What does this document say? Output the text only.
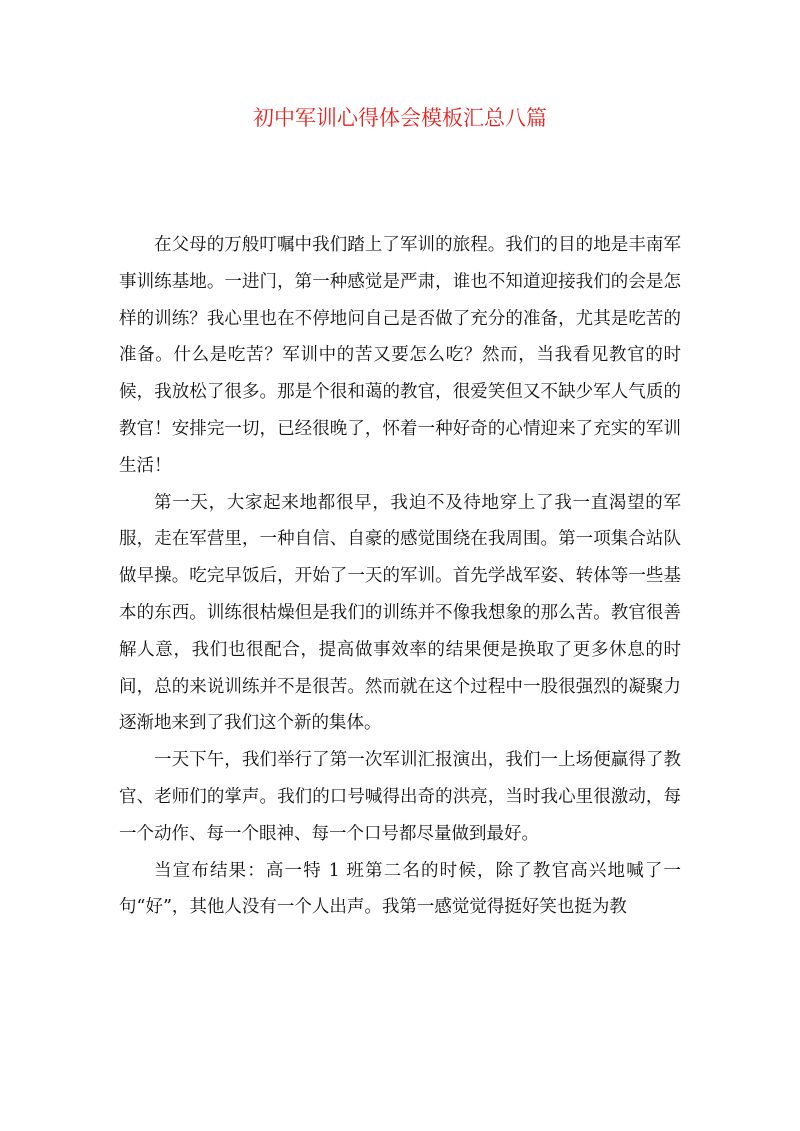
初中军训心得体会模板汇总八篇

在父母的万般叮嘱中我们踏上了军训的旅程。我们的目的地是丰南军事训练基地。一进门，第一种感觉是严肃，谁也不知道迎接我们的会是怎样的训练？我心里也在不停地问自己是否做了充分的准备，尤其是吃苦的准备。什么是吃苦？军训中的苦又要怎么吃？然而，当我看见教官的时候，我放松了很多。那是个很和蔼的教官，很爱笑但又不缺少军人气质的教官！安排完一切，已经很晚了，怀着一种好奇的心情迎来了充实的军训生活！

第一天，大家起来地都很早，我迫不及待地穿上了我一直渴望的军服，走在军营里，一种自信、自豪的感觉围绕在我周围。第一项集合站队做早操。吃完早饭后，开始了一天的军训。首先学战军姿、转体等一些基本的东西。训练很枯燥但是我们的训练并不像我想象的那么苦。教官很善解人意，我们也很配合，提高做事效率的结果便是换取了更多休息的时间，总的来说训练并不是很苦。然而就在这个过程中一股很强烈的凝聚力逐渐地来到了我们这个新的集体。

一天下午，我们举行了第一次军训汇报演出，我们一上场便赢得了教官、老师们的掌声。我们的口号喊得出奇的洪亮，当时我心里很激动，每一个动作、每一个眼神、每一个口号都尽量做到最好。

当宣布结果：高一特 1 班第二名的时候，除了教官高兴地喊了一句“好”，其他人没有一个人出声。我第一感觉觉得挺好笑也挺为教
